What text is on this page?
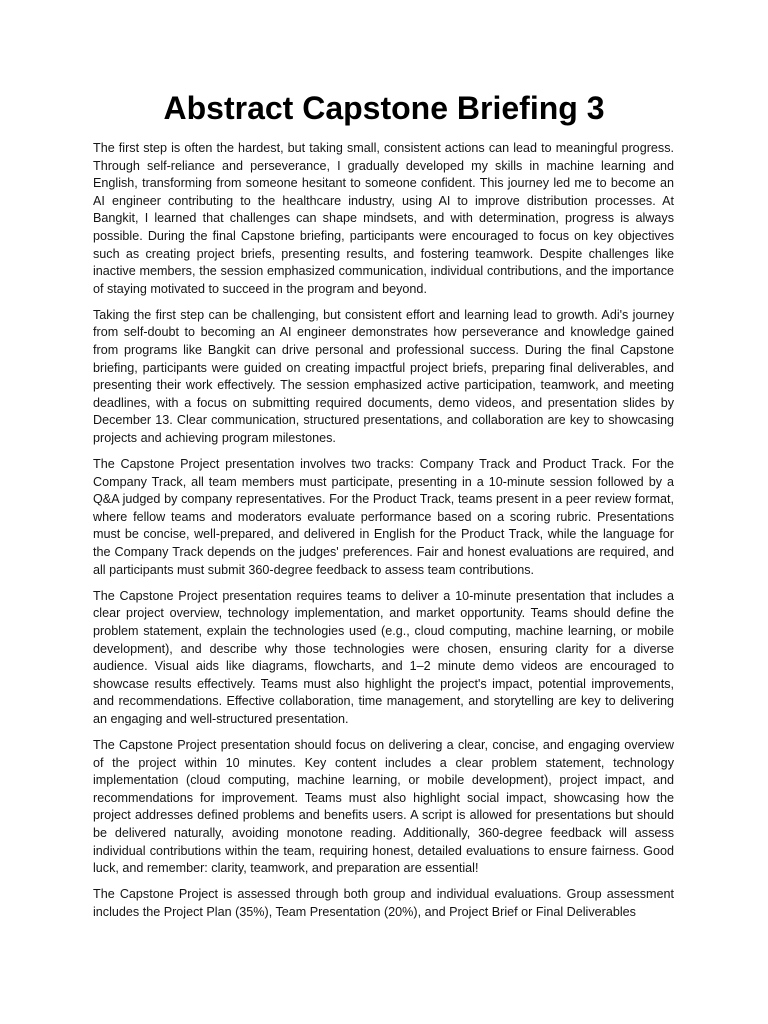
Abstract Capstone Briefing 3

The first step is often the hardest, but taking small, consistent actions can lead to meaningful progress. Through self-reliance and perseverance, I gradually developed my skills in machine learning and English, transforming from someone hesitant to someone confident. This journey led me to become an AI engineer contributing to the healthcare industry, using AI to improve distribution processes. At Bangkit, I learned that challenges can shape mindsets, and with determination, progress is always possible. During the final Capstone briefing, participants were encouraged to focus on key objectives such as creating project briefs, presenting results, and fostering teamwork. Despite challenges like inactive members, the session emphasized communication, individual contributions, and the importance of staying motivated to succeed in the program and beyond.

Taking the first step can be challenging, but consistent effort and learning lead to growth. Adi's journey from self-doubt to becoming an AI engineer demonstrates how perseverance and knowledge gained from programs like Bangkit can drive personal and professional success. During the final Capstone briefing, participants were guided on creating impactful project briefs, preparing final deliverables, and presenting their work effectively. The session emphasized active participation, teamwork, and meeting deadlines, with a focus on submitting required documents, demo videos, and presentation slides by December 13. Clear communication, structured presentations, and collaboration are key to showcasing projects and achieving program milestones.

The Capstone Project presentation involves two tracks: Company Track and Product Track. For the Company Track, all team members must participate, presenting in a 10-minute session followed by a Q&A judged by company representatives. For the Product Track, teams present in a peer review format, where fellow teams and moderators evaluate performance based on a scoring rubric. Presentations must be concise, well-prepared, and delivered in English for the Product Track, while the language for the Company Track depends on the judges' preferences. Fair and honest evaluations are required, and all participants must submit 360-degree feedback to assess team contributions.

The Capstone Project presentation requires teams to deliver a 10-minute presentation that includes a clear project overview, technology implementation, and market opportunity. Teams should define the problem statement, explain the technologies used (e.g., cloud computing, machine learning, or mobile development), and describe why those technologies were chosen, ensuring clarity for a diverse audience. Visual aids like diagrams, flowcharts, and 1–2 minute demo videos are encouraged to showcase results effectively. Teams must also highlight the project's impact, potential improvements, and recommendations. Effective collaboration, time management, and storytelling are key to delivering an engaging and well-structured presentation.

The Capstone Project presentation should focus on delivering a clear, concise, and engaging overview of the project within 10 minutes. Key content includes a clear problem statement, technology implementation (cloud computing, machine learning, or mobile development), project impact, and recommendations for improvement. Teams must also highlight social impact, showcasing how the project addresses defined problems and benefits users. A script is allowed for presentations but should be delivered naturally, avoiding monotone reading. Additionally, 360-degree feedback will assess individual contributions within the team, requiring honest, detailed evaluations to ensure fairness. Good luck, and remember: clarity, teamwork, and preparation are essential!

The Capstone Project is assessed through both group and individual evaluations. Group assessment includes the Project Plan (35%), Team Presentation (20%), and Project Brief or Final Deliverables
